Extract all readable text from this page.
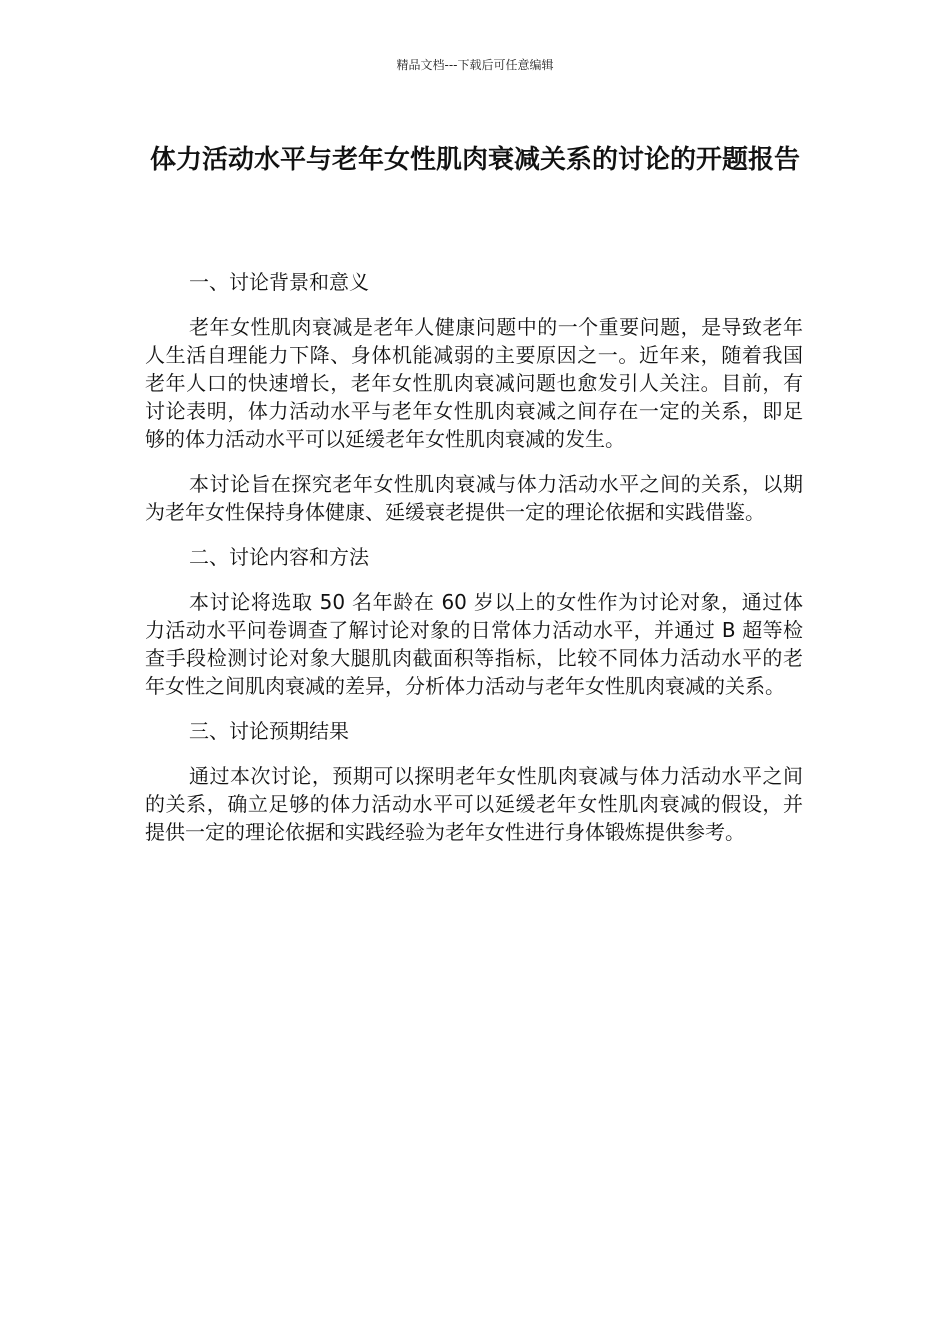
精品文档---下载后可任意编辑
体力活动水平与老年女性肌肉衰减关系的讨论的开题报告
一、讨论背景和意义

老年女性肌肉衰减是老年人健康问题中的一个重要问题，是导致老年人生活自理能力下降、身体机能减弱的主要原因之一。近年来，随着我国老年人口的快速增长，老年女性肌肉衰减问题也愈发引人关注。目前，有讨论表明，体力活动水平与老年女性肌肉衰减之间存在一定的关系，即足够的体力活动水平可以延缓老年女性肌肉衰减的发生。

本讨论旨在探究老年女性肌肉衰减与体力活动水平之间的关系，以期为老年女性保持身体健康、延缓衰老提供一定的理论依据和实践借鉴。

二、讨论内容和方法

本讨论将选取 50 名年龄在 60 岁以上的女性作为讨论对象，通过体力活动水平问卷调查了解讨论对象的日常体力活动水平，并通过 B 超等检查手段检测讨论对象大腿肌肉截面积等指标，比较不同体力活动水平的老年女性之间肌肉衰减的差异，分析体力活动与老年女性肌肉衰减的关系。

三、讨论预期结果

通过本次讨论，预期可以探明老年女性肌肉衰减与体力活动水平之间的关系，确立足够的体力活动水平可以延缓老年女性肌肉衰减的假设，并提供一定的理论依据和实践经验为老年女性进行身体锻炼提供参考。
